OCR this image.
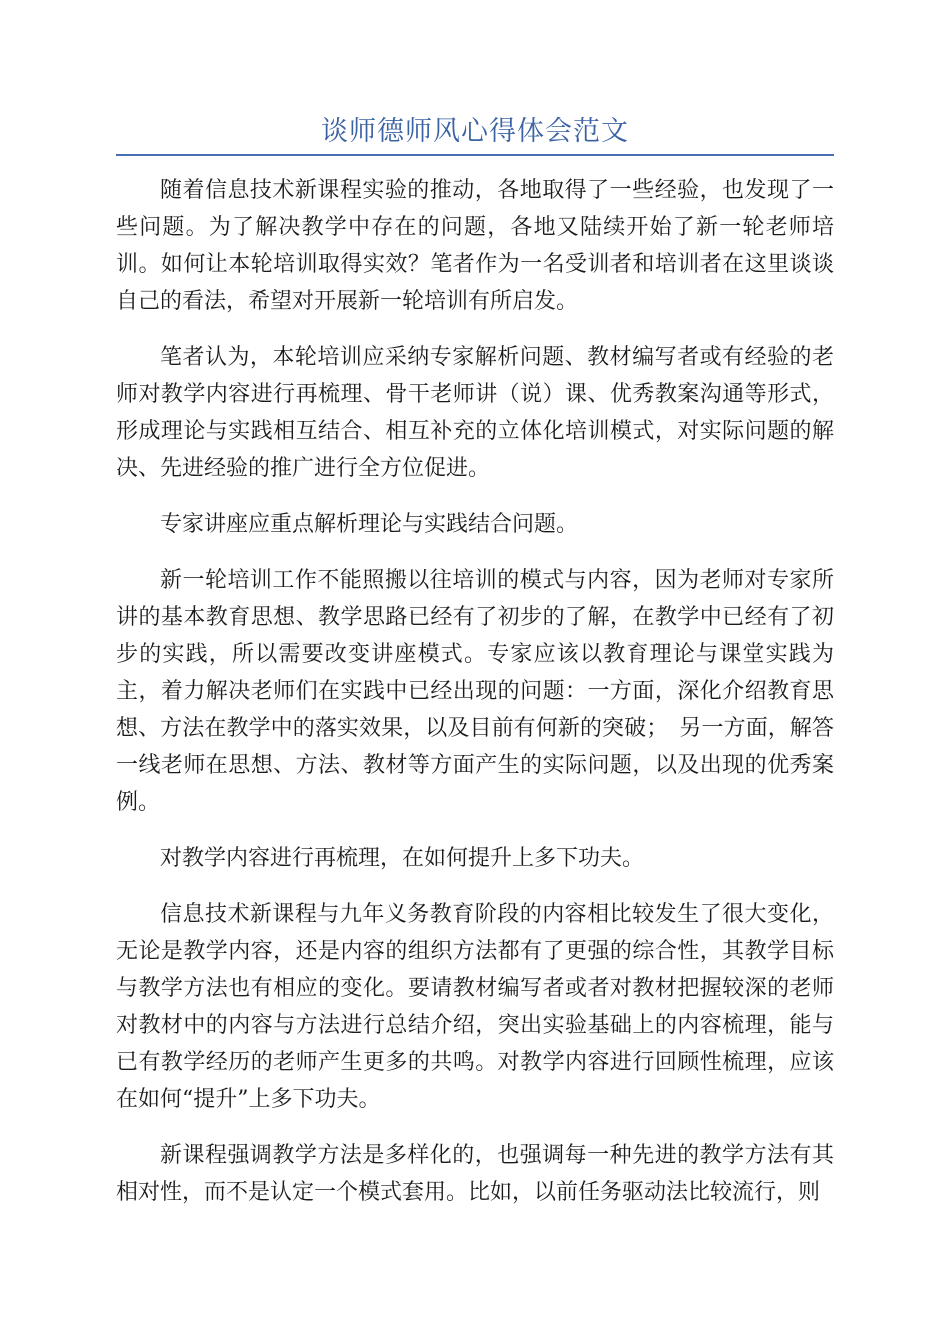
谈师德师风心得体会范文

随着信息技术新课程实验的推动，各地取得了一些经验，也发现了一些问题。为了解决教学中存在的问题，各地又陆续开始了新一轮老师培训。如何让本轮培训取得实效？笔者作为一名受训者和培训者在这里谈谈自己的看法，希望对开展新一轮培训有所启发。

笔者认为，本轮培训应采纳专家解析问题、教材编写者或有经验的老师对教学内容进行再梳理、骨干老师讲（说）课、优秀教案沟通等形式，形成理论与实践相互结合、相互补充的立体化培训模式，对实际问题的解决、先进经验的推广进行全方位促进。

专家讲座应重点解析理论与实践结合问题。

新一轮培训工作不能照搬以往培训的模式与内容，因为老师对专家所讲的基本教育思想、教学思路已经有了初步的了解，在教学中已经有了初步的实践，所以需要改变讲座模式。专家应该以教育理论与课堂实践为主，着力解决老师们在实践中已经出现的问题：一方面，深化介绍教育思想、方法在教学中的落实效果，以及目前有何新的突破；　另一方面，解答一线老师在思想、方法、教材等方面产生的实际问题，以及出现的优秀案例。

对教学内容进行再梳理，在如何提升上多下功夫。

信息技术新课程与九年义务教育阶段的内容相比较发生了很大变化，无论是教学内容，还是内容的组织方法都有了更强的综合性，其教学目标与教学方法也有相应的变化。要请教材编写者或者对教材把握较深的老师对教材中的内容与方法进行总结介绍，突出实验基础上的内容梳理，能与已有教学经历的老师产生更多的共鸣。对教学内容进行回顾性梳理，应该在如何“提升”上多下功夫。

新课程强调教学方法是多样化的，也强调每一种先进的教学方法有其相对性，而不是认定一个模式套用。比如，以前任务驱动法比较流行，则
